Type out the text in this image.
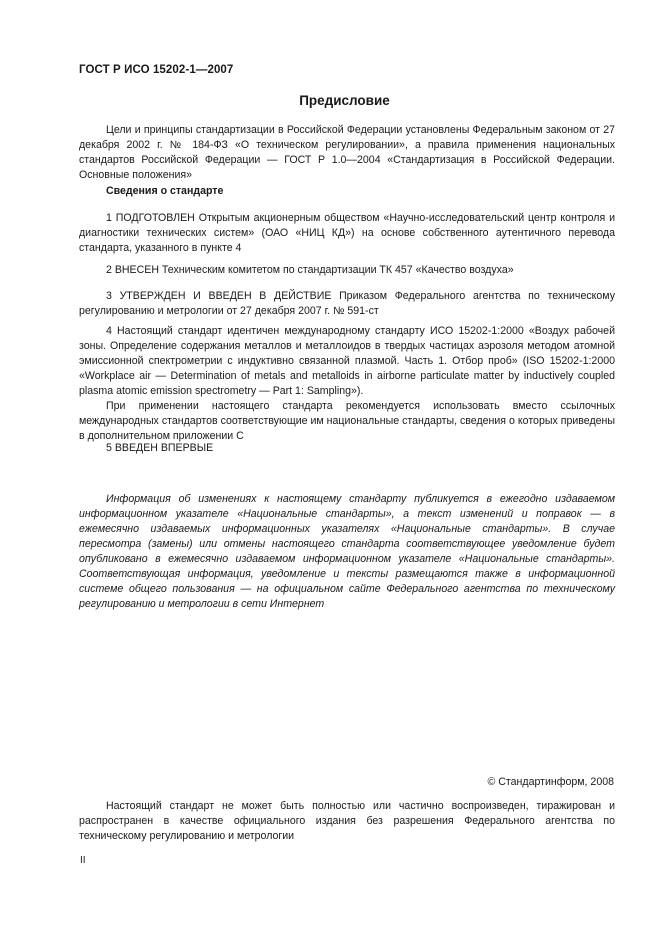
ГОСТ Р ИСО 15202-1—2007
Предисловие

Цели и принципы стандартизации в Российской Федерации установлены Федеральным законом от 27 декабря 2002 г. № 184-ФЗ «О техническом регулировании», а правила применения национальных стандартов Российской Федерации — ГОСТ Р 1.0—2004 «Стандартизация в Российской Федерации. Основные положения»

Сведения о стандарте

1 ПОДГОТОВЛЕН Открытым акционерным обществом «Научно-исследовательский центр контроля и диагностики технических систем» (ОАО «НИЦ КД») на основе собственного аутентичного перевода стандарта, указанного в пункте 4

2 ВНЕСЕН Техническим комитетом по стандартизации ТК 457 «Качество воздуха»

3 УТВЕРЖДЕН И ВВЕДЕН В ДЕЙСТВИЕ Приказом Федерального агентства по техническому регулированию и метрологии от 27 декабря 2007 г. № 591-ст

4 Настоящий стандарт идентичен международному стандарту ИСО 15202-1:2000 «Воздух рабочей зоны. Определение содержания металлов и металлоидов в твердых частицах аэрозоля методом атомной эмиссионной спектрометрии с индуктивно связанной плазмой. Часть 1. Отбор проб» (ISO 15202-1:2000 «Workplace air — Determination of metals and metalloids in airborne particulate matter by inductively coupled plasma atomic emission spectrometry — Part 1: Sampling»).

При применении настоящего стандарта рекомендуется использовать вместо ссылочных международных стандартов соответствующие им национальные стандарты, сведения о которых приведены в дополнительном приложении С

5 ВВЕДЕН ВПЕРВЫЕ

Информация об изменениях к настоящему стандарту публикуется в ежегодно издаваемом информационном указателе «Национальные стандарты», а текст изменений и поправок — в ежемесячно издаваемых информационных указателях «Национальные стандарты». В случае пересмотра (замены) или отмены настоящего стандарта соответствующее уведомление будет опубликовано в ежемесячно издаваемом информационном указателе «Национальные стандарты». Соответствующая информация, уведомление и тексты размещаются также в информационной системе общего пользования — на официальном сайте Федерального агентства по техническому регулированию и метрологии в сети Интернет

© Стандартинформ, 2008

Настоящий стандарт не может быть полностью или частично воспроизведен, тиражирован и распространен в качестве официального издания без разрешения Федерального агентства по техническому регулированию и метрологии

II
